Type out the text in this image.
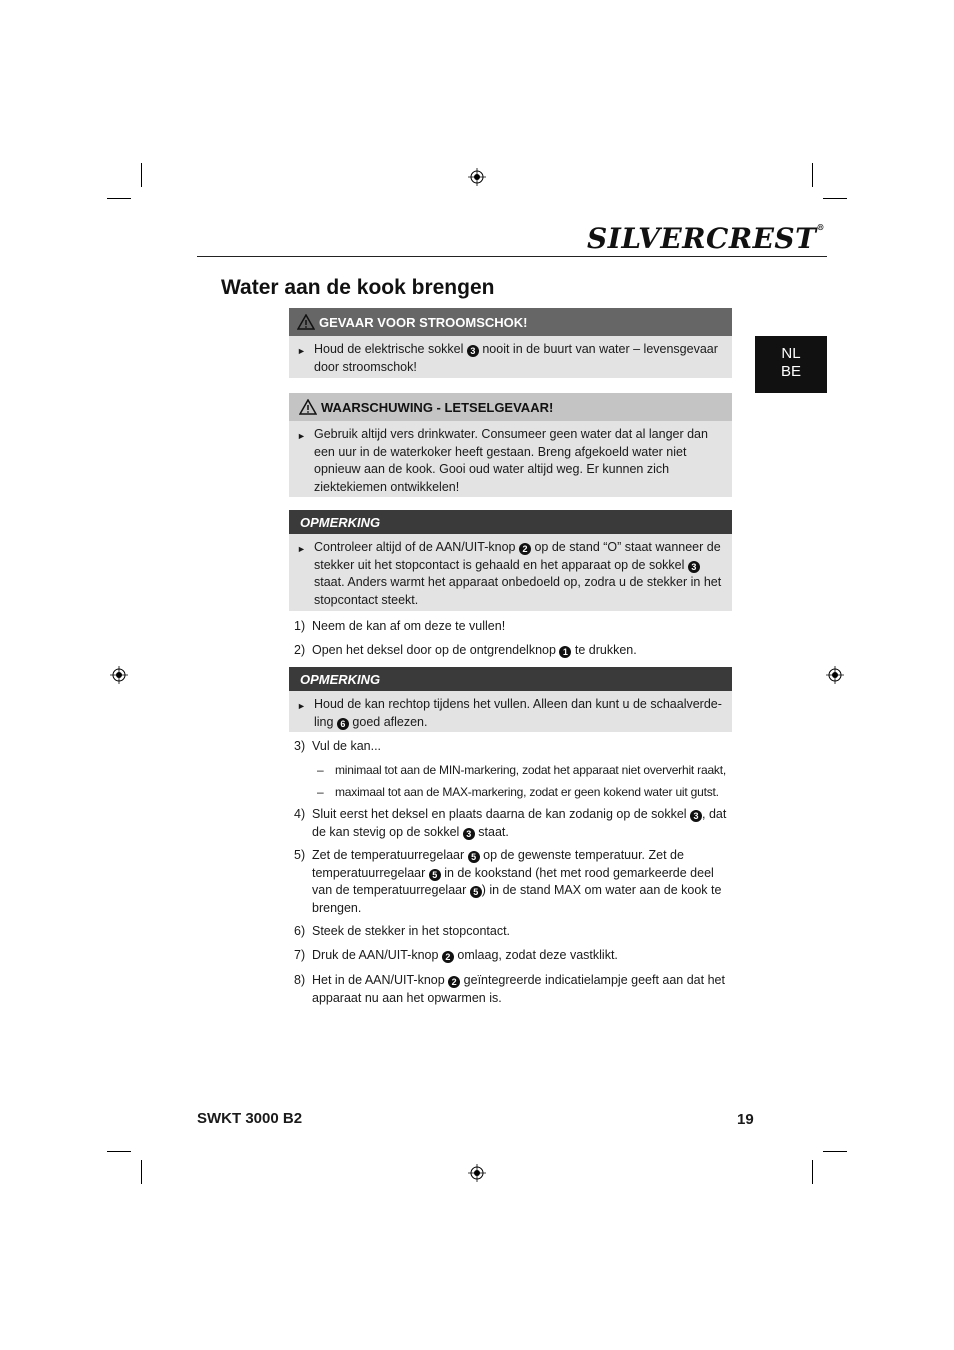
SILVERCREST®
Water aan de kook brengen
NL
BE
GEVAAR VOOR STROOMSCHOK!
► Houd de elektrische sokkel 3 nooit in de buurt van water – levensgevaar door stroomschok!
WAARSCHUWING - LETSELGEVAAR!
► Gebruik altijd vers drinkwater. Consumeer geen water dat al langer dan een uur in de waterkoker heeft gestaan. Breng afgekoeld water niet opnieuw aan de kook. Gooi oud water altijd weg. Er kunnen zich ziektekiemen ontwikkelen!
OPMERKING
► Controleer altijd of de AAN/UIT-knop 2 op de stand “O” staat wanneer de stekker uit het stopcontact is gehaald en het apparaat op de sokkel 3 staat. Anders warmt het apparaat onbedoeld op, zodra u de stekker in het stopcontact steekt.
1) Neem de kan af om deze te vullen!
2) Open het deksel door op de ontgrendelknop 1 te drukken.
OPMERKING
► Houd de kan rechtop tijdens het vullen. Alleen dan kunt u de schaalverde-ling 6 goed aflezen.
3) Vul de kan...
– minimaal tot aan de MIN-markering, zodat het apparaat niet oververhit raakt,
– maximaal tot aan de MAX-markering, zodat er geen kokend water uit gutst.
4) Sluit eerst het deksel en plaats daarna de kan zodanig op de sokkel 3 , dat de kan stevig op de sokkel 3 staat.
5) Zet de temperatuurregelaar 5 op de gewenste temperatuur. Zet de temperatuurregelaar 5 in de kookstand (het met rood gemarkeerde deel van de temperatuurregelaar 5 ) in de stand MAX om water aan de kook te brengen.
6) Steek de stekker in het stopcontact.
7) Druk de AAN/UIT-knop 2 omlaag, zodat deze vastklikt.
8) Het in de AAN/UIT-knop 2 geïntegreerde indicatielampje geeft aan dat het apparaat nu aan het opwarmen is.
SWKT 3000 B2	19
